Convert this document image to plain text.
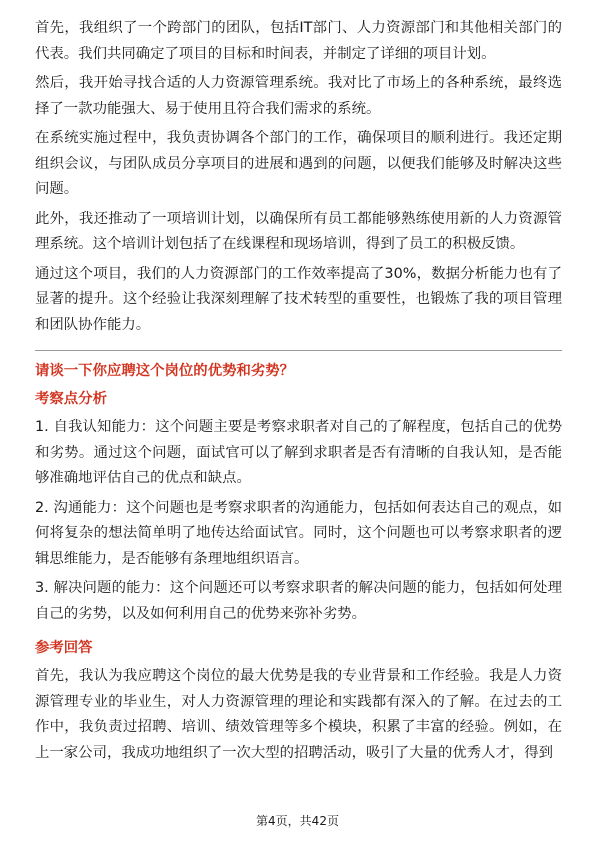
首先，我组织了一个跨部门的团队，包括IT部门、人力资源部门和其他相关部门的代表。我们共同确定了项目的目标和时间表，并制定了详细的项目计划。

然后，我开始寻找合适的人力资源管理系统。我对比了市场上的各种系统，最终选择了一款功能强大、易于使用且符合我们需求的系统。

在系统实施过程中，我负责协调各个部门的工作，确保项目的顺利进行。我还定期组织会议，与团队成员分享项目的进展和遇到的问题，以便我们能够及时解决这些问题。

此外，我还推动了一项培训计划，以确保所有员工都能够熟练使用新的人力资源管理系统。这个培训计划包括了在线课程和现场培训，得到了员工的积极反馈。

通过这个项目，我们的人力资源部门的工作效率提高了30%，数据分析能力也有了显著的提升。这个经验让我深刻理解了技术转型的重要性，也锻炼了我的项目管理和团队协作能力。

请谈一下你应聘这个岗位的优势和劣势？
考察点分析

1. 自我认知能力：这个问题主要是考察求职者对自己的了解程度，包括自己的优势和劣势。通过这个问题，面试官可以了解到求职者是否有清晰的自我认知，是否能够准确地评估自己的优点和缺点。

2. 沟通能力：这个问题也是考察求职者的沟通能力，包括如何表达自己的观点，如何将复杂的想法简单明了地传达给面试官。同时，这个问题也可以考察求职者的逻辑思维能力，是否能够有条理地组织语言。

3. 解决问题的能力：这个问题还可以考察求职者的解决问题的能力，包括如何处理自己的劣势，以及如何利用自己的优势来弥补劣势。

参考回答

首先，我认为我应聘这个岗位的最大优势是我的专业背景和工作经验。我是人力资源管理专业的毕业生，对人力资源管理的理论和实践都有深入的了解。在过去的工作中，我负责过招聘、培训、绩效管理等多个模块，积累了丰富的经验。例如，在上一家公司，我成功地组织了一次大型的招聘活动，吸引了大量的优秀人才，得到

第4页，共42页
